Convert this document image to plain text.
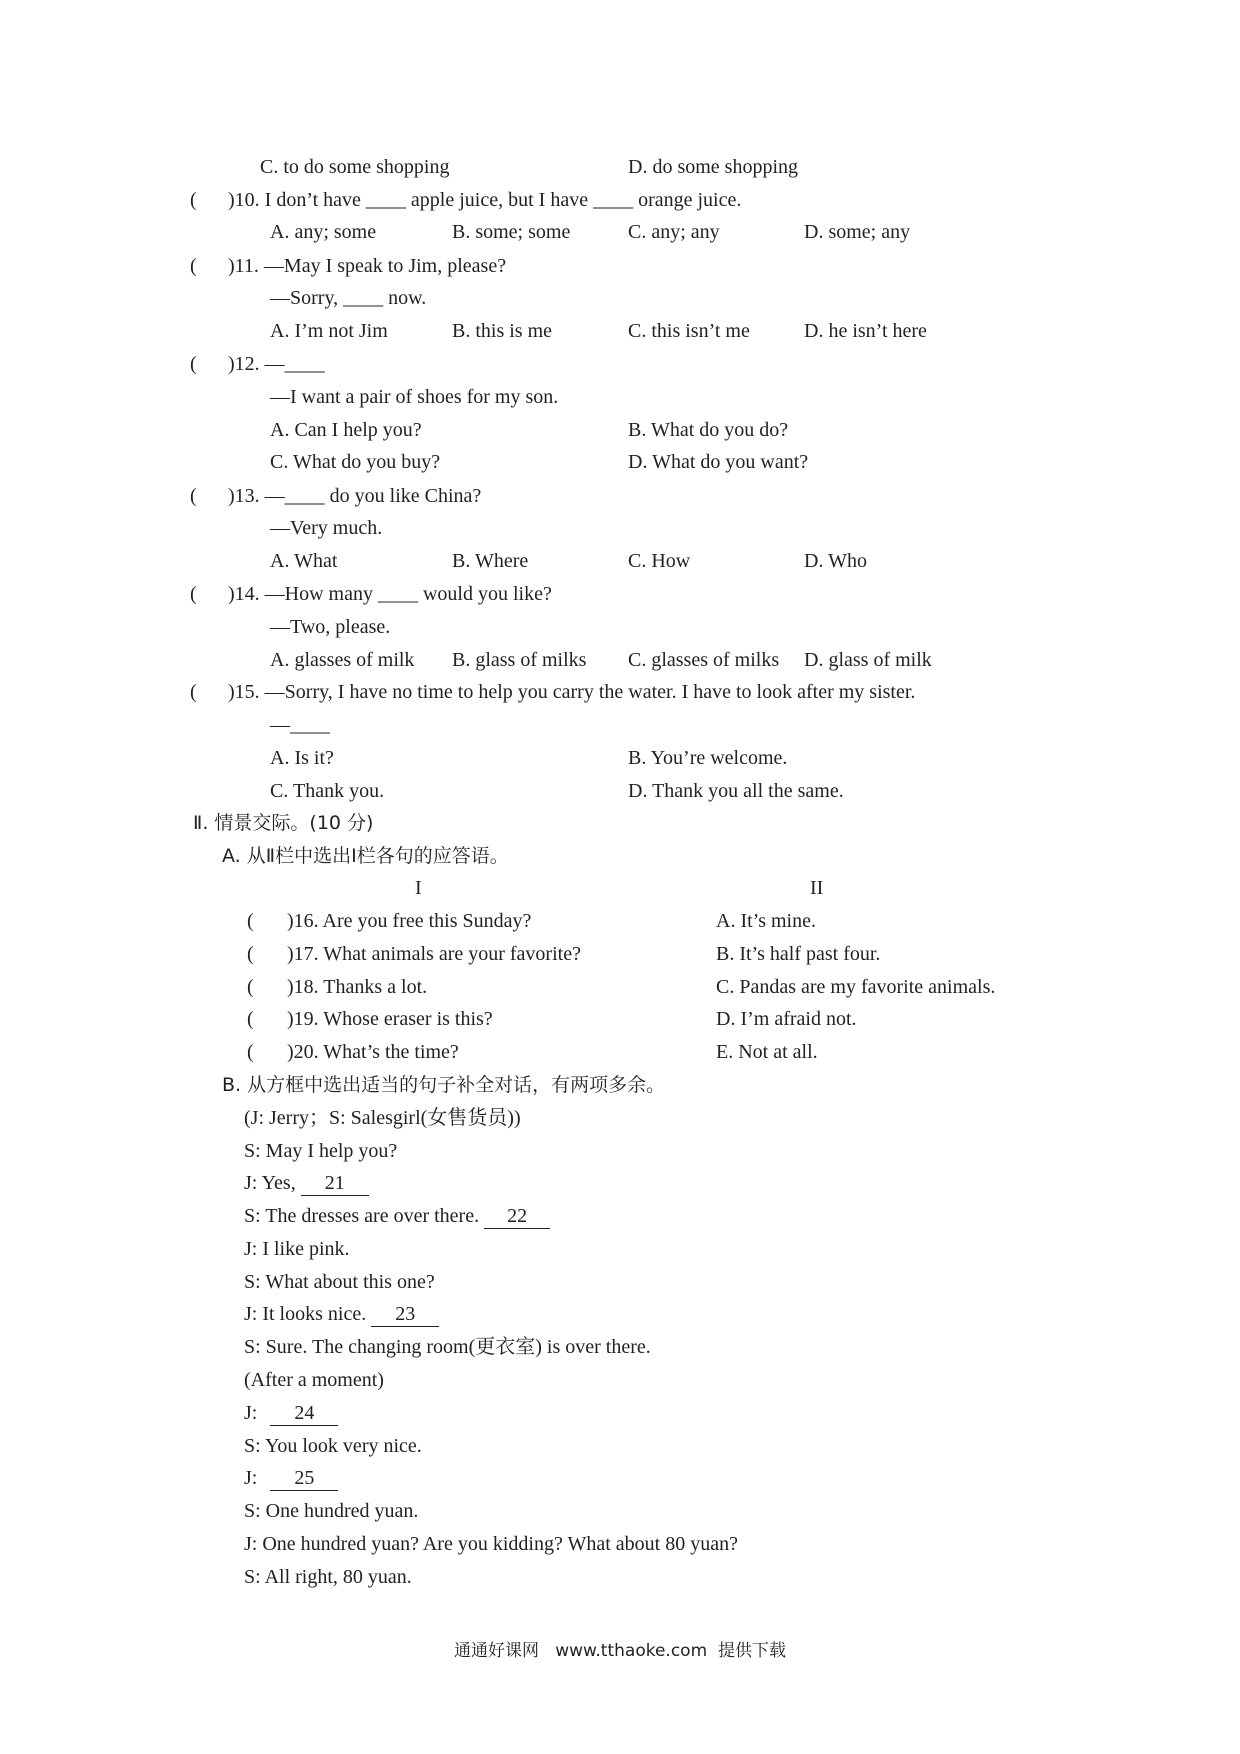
C. to do some shopping	D. do some shopping
( )10. I don’t have ____ apple juice, but I have ____ orange juice.
A. any; some	B. some; some	C. any; any	D. some; any
( )11. —May I speak to Jim, please?
—Sorry, ____ now.
A. I’m not Jim	B. this is me	C. this isn’t me	D. he isn’t here
( )12. —____
—I want a pair of shoes for my son.
A. Can I help you?	B. What do you do?
C. What do you buy?	D. What do you want?
( )13. —____ do you like China?
—Very much.
A. What	B. Where	C. How	D. Who
( )14. —How many ____ would you like?
—Two, please.
A. glasses of milk B. glass of milks C. glasses of milks D. glass of milk
( )15. —Sorry, I have no time to help you carry the water. I have to look after my sister.
—____
A. Is it?	B. You’re welcome.
C. Thank you.	D. Thank you all the same.
Ⅱ. 情景交际。(10 分)
A. 从Ⅱ栏中选出Ⅰ栏各句的应答语。
I	II
( )16. Are you free this Sunday?	A. It’s mine.
( )17. What animals are your favorite?	B. It’s half past four.
( )18. Thanks a lot.	C. Pandas are my favorite animals.
( )19. Whose eraser is this?	D. I’m afraid not.
( )20. What’s the time?	E. Not at all.
B. 从方框中选出适当的句子补全对话，有两项多余。
(J: Jerry；S: Salesgirl(女售货员))
S: May I help you?
J: Yes, 21
S: The dresses are over there. 22
J: I like pink.
S: What about this one?
J: It looks nice. 23
S: Sure. The changing room(更衣室) is over there.
(After a moment)
J: 24
S: You look very nice.
J: 25
S: One hundred yuan.
J: One hundred yuan? Are you kidding? What about 80 yuan?
S: All right, 80 yuan.
通通好课网   www.tthaoke.com  提供下载
